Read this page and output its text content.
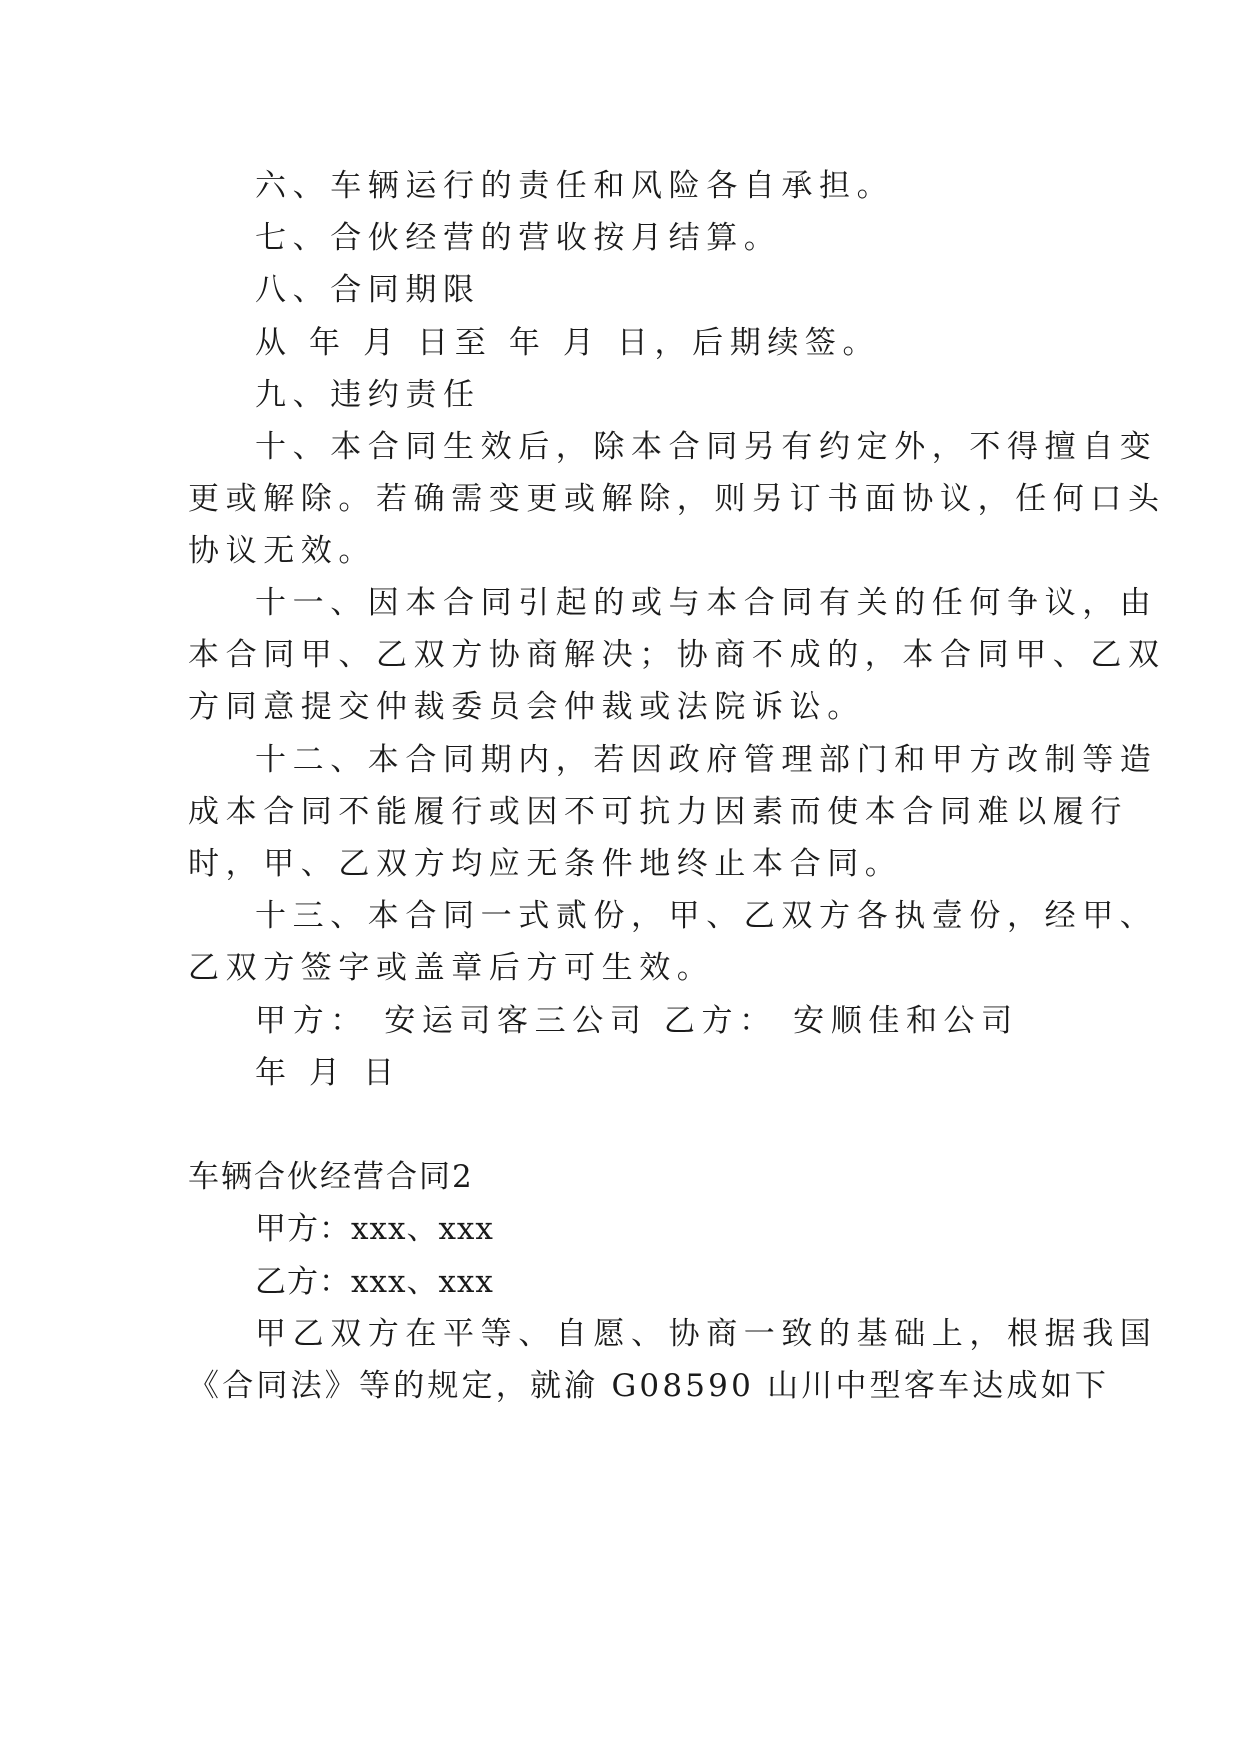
六、车辆运行的责任和风险各自承担。
七、合伙经营的营收按月结算。
八、合同期限
从 年 月 日至 年 月 日，后期续签。
九、违约责任
十、本合同生效后，除本合同另有约定外，不得擅自变
更或解除。若确需变更或解除，则另订书面协议，任何口头
协议无效。
十一、因本合同引起的或与本合同有关的任何争议，由
本合同甲、乙双方协商解决；协商不成的，本合同甲、乙双
方同意提交仲裁委员会仲裁或法院诉讼。
十二、本合同期内，若因政府管理部门和甲方改制等造
成本合同不能履行或因不可抗力因素而使本合同难以履行
时，甲、乙双方均应无条件地终止本合同。
十三、本合同一式贰份，甲、乙双方各执壹份，经甲、
乙双方签字或盖章后方可生效。
甲方： 安运司客三公司 乙方： 安顺佳和公司
年 月 日
车辆合伙经营合同2
甲方：xxx、xxx
乙方：xxx、xxx
甲乙双方在平等、自愿、协商一致的基础上，根据我国
《合同法》等的规定，就渝 G08590 山川中型客车达成如下
